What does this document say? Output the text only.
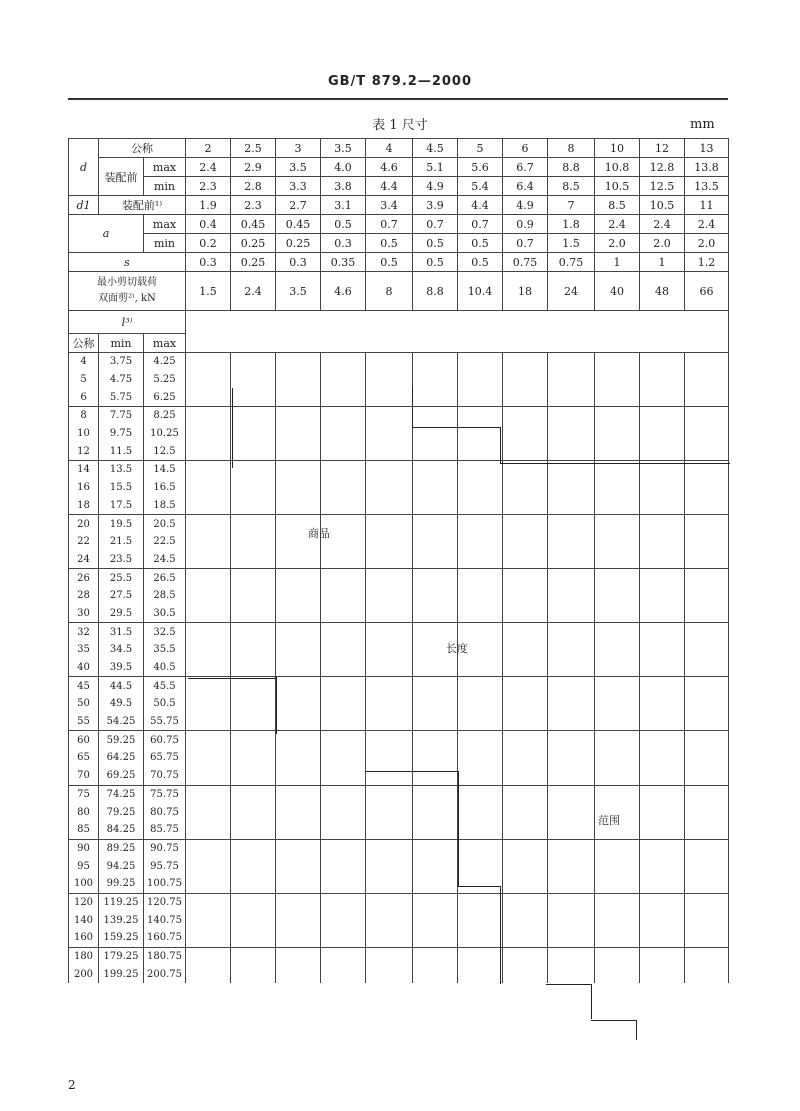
GB/T 879.2—2000
表 1 尺寸	mm
d	公称		2	2.5	3	3.5	4	4.5	5	6	8	10	12	13
	装配前	max	2.4	2.9	3.5	4.0	4.6	5.1	5.6	6.7	8.8	10.8	12.8	13.8
		min	2.3	2.8	3.3	3.8	4.4	4.9	5.4	6.4	8.5	10.5	12.5	13.5
d1	装配前¹⁾		1.9	2.3	2.7	3.1	3.4	3.9	4.4	4.9	7	8.5	10.5	11
a		max	0.4	0.45	0.45	0.5	0.7	0.7	0.7	0.9	1.8	2.4	2.4	2.4
		min	0.2	0.25	0.25	0.3	0.5	0.5	0.5	0.7	1.5	2.0	2.0	2.0
s			0.3	0.25	0.3	0.35	0.5	0.5	0.5	0.75	0.75	1	1	1.2

最小剪切载荷
双面剪²⁾, kN			1.5	2.4	3.5	4.6	8	8.8	10.4	18	24	40	48	66
l³⁾														
公称	min	max												
4	3.75	4.25												
5	4.75	5.25												
6	5.75	6.25												
8	7.75	8.25												
10	9.75	10.25												
12	11.5	12.5												
14	13.5	14.5												
16	15.5	16.5												
18	17.5	18.5												
20	19.5	20.5												
22	21.5	22.5												
24	23.5	24.5												
26	25.5	26.5												
28	27.5	28.5												
30	29.5	30.5												
32	31.5	32.5												
35	34.5	35.5												
40	39.5	40.5												
45	44.5	45.5												
50	49.5	50.5												
55	54.25	55.75												
60	59.25	60.75												
65	64.25	65.75												
70	69.25	70.75												
75	74.25	75.75												
80	79.25	80.75												
85	84.25	85.75												
90	89.25	90.75												
95	94.25	95.75												
100	99.25	100.75												
120	119.25	120.75												
140	139.25	140.75												
160	159.25	160.75												
180	179.25	180.75												
200	199.25	200.75												
商品
长度
范围
2
